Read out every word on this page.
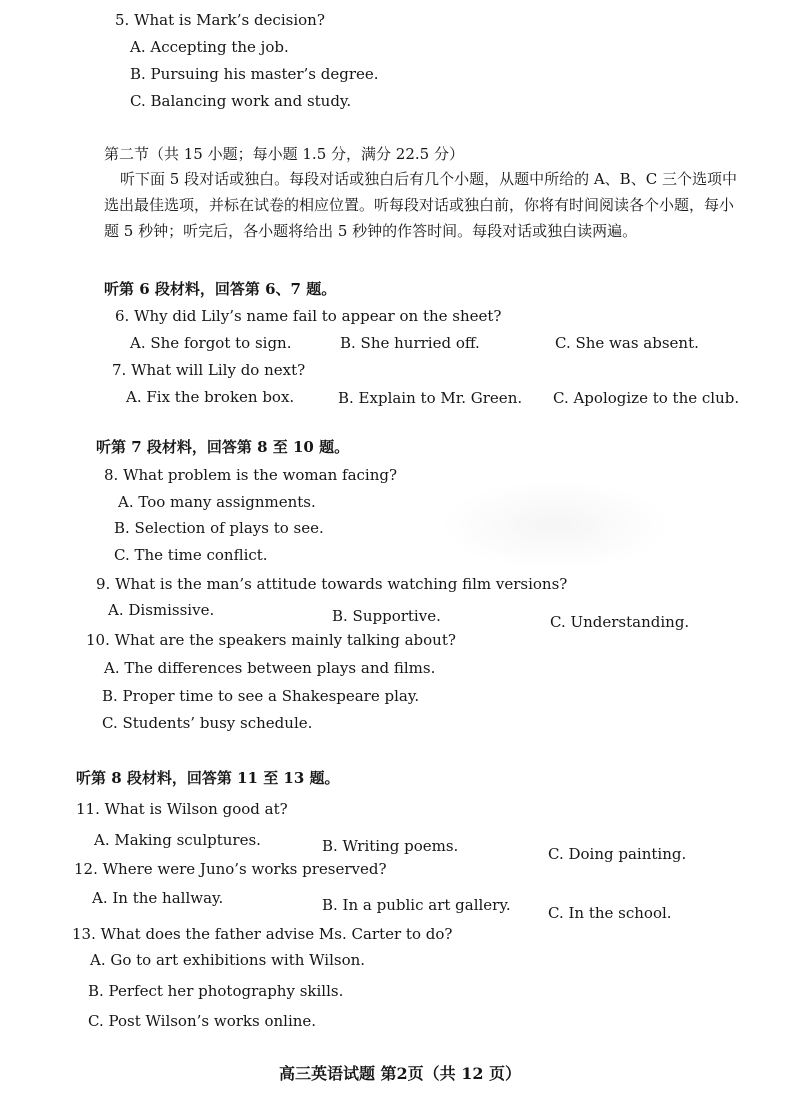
5. What is Mark’s decision?
A. Accepting the job.
B. Pursuing his master’s degree.
C. Balancing work and study.
第二节（共 15 小题；每小题 1.5 分，满分 22.5 分）
听下面 5 段对话或独白。每段对话或独白后有几个小题，从题中所给的 A、B、C 三个选项中选出最佳选项，并标在试卷的相应位置。听每段对话或独白前，你将有时间阅读各个小题，每小题 5 秒钟；听完后，各小题将给出 5 秒钟的作答时间。每段对话或独白读两遍。
听第 6 段材料，回答第 6、7 题。
6. Why did Lily’s name fail to appear on the sheet?
A. She forgot to sign.	B. She hurried off.	C. She was absent.
7. What will Lily do next?
A. Fix the broken box.	B. Explain to Mr. Green. C. Apologize to the club.
听第 7 段材料，回答第 8 至 10 题。
8. What problem is the woman facing?
A. Too many assignments.
B. Selection of plays to see.
C. The time conflict.
9. What is the man’s attitude towards watching film versions?
A. Dismissive.	B. Supportive.	C. Understanding.
10. What are the speakers mainly talking about?
A. The differences between plays and films.
B. Proper time to see a Shakespeare play.
C. Students’ busy schedule.
听第 8 段材料，回答第 11 至 13 题。
11. What is Wilson good at?
A. Making sculptures.	B. Writing poems.	C. Doing painting.
12. Where were Juno’s works preserved?
A. In the hallway.	B. In a public art gallery. C. In the school.
13. What does the father advise Ms. Carter to do?
A. Go to art exhibitions with Wilson.
B. Perfect her photography skills.
C. Post Wilson’s works online.
高三英语试题 第2页（共 12 页）
